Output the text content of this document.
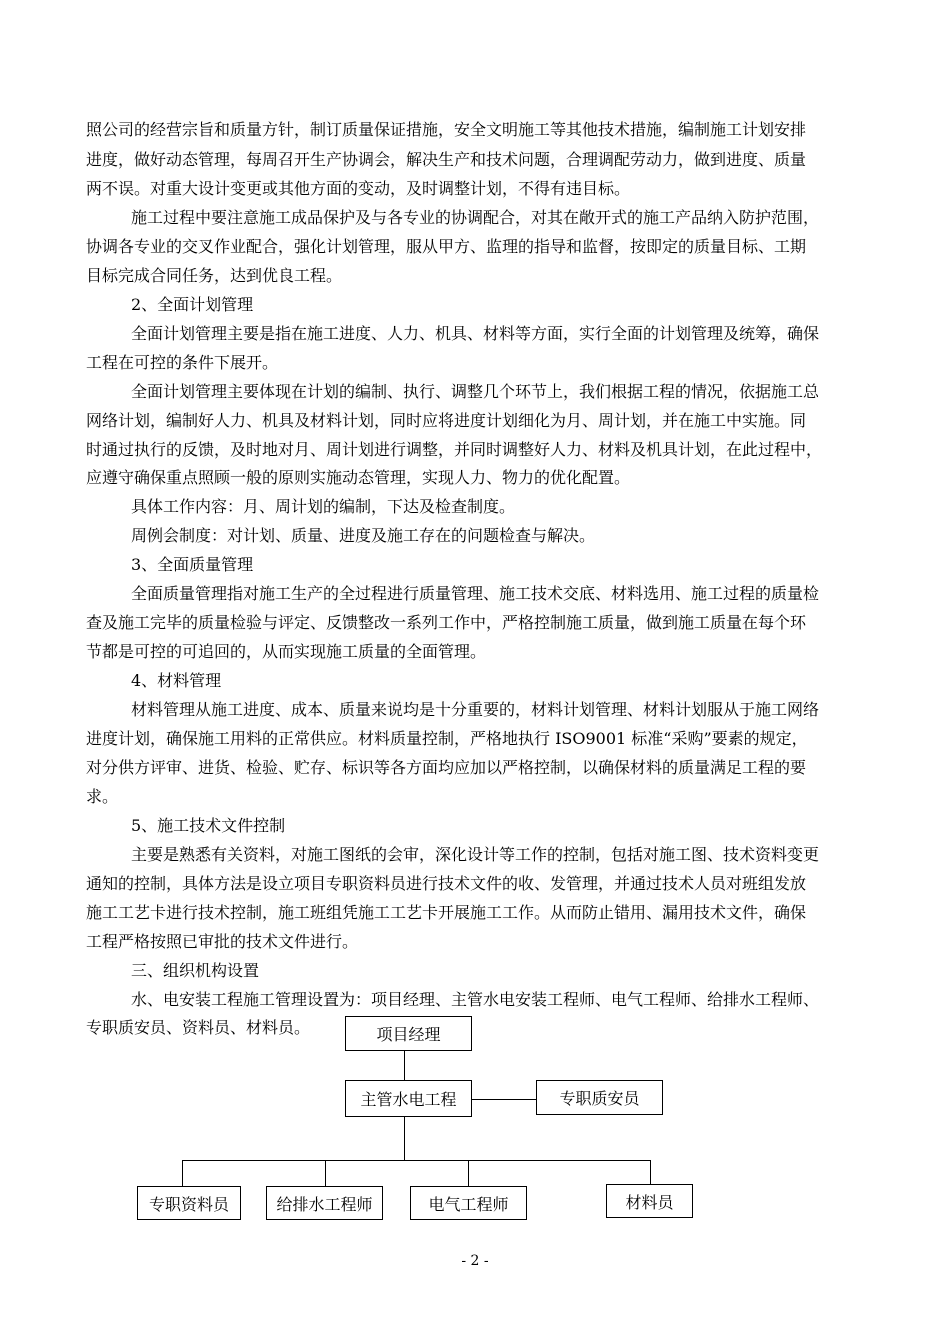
照公司的经营宗旨和质量方针，制订质量保证措施，安全文明施工等其他技术措施，编制施工计划安排
进度，做好动态管理，每周召开生产协调会，解决生产和技术问题，合理调配劳动力，做到进度、质量
两不误。对重大设计变更或其他方面的变动，及时调整计划，不得有违目标。
施工过程中要注意施工成品保护及与各专业的协调配合，对其在敞开式的施工产品纳入防护范围，
协调各专业的交叉作业配合，强化计划管理，服从甲方、监理的指导和监督，按即定的质量目标、工期
目标完成合同任务，达到优良工程。
2、全面计划管理
全面计划管理主要是指在施工进度、人力、机具、材料等方面，实行全面的计划管理及统筹，确保
工程在可控的条件下展开。
全面计划管理主要体现在计划的编制、执行、调整几个环节上，我们根据工程的情况，依据施工总
网络计划，编制好人力、机具及材料计划，同时应将进度计划细化为月、周计划，并在施工中实施。同
时通过执行的反馈，及时地对月、周计划进行调整，并同时调整好人力、材料及机具计划，在此过程中，
应遵守确保重点照顾一般的原则实施动态管理，实现人力、物力的优化配置。
具体工作内容：月、周计划的编制，下达及检查制度。
周例会制度：对计划、质量、进度及施工存在的问题检查与解决。
3、全面质量管理
全面质量管理指对施工生产的全过程进行质量管理、施工技术交底、材料选用、施工过程的质量检
查及施工完毕的质量检验与评定、反馈整改一系列工作中，严格控制施工质量，做到施工质量在每个环
节都是可控的可追回的，从而实现施工质量的全面管理。
4、材料管理
材料管理从施工进度、成本、质量来说均是十分重要的，材料计划管理、材料计划服从于施工网络
进度计划，确保施工用料的正常供应。材料质量控制，严格地执行 ISO9001 标准“采购”要素的规定，
对分供方评审、进货、检验、贮存、标识等各方面均应加以严格控制，以确保材料的质量满足工程的要
求。
5、施工技术文件控制
主要是熟悉有关资料，对施工图纸的会审，深化设计等工作的控制，包括对施工图、技术资料变更
通知的控制，具体方法是设立项目专职资料员进行技术文件的收、发管理，并通过技术人员对班组发放
施工工艺卡进行技术控制，施工班组凭施工工艺卡开展施工工作。从而防止错用、漏用技术文件，确保
工程严格按照已审批的技术文件进行。
三、组织机构设置
水、电安装工程施工管理设置为：项目经理、主管水电安装工程师、电气工程师、给排水工程师、
专职质安员、资料员、材料员。	项目经理
主管水电工程	专职质安员
专职资料员	给排水工程师	电气工程师	材料员
- 2 -
